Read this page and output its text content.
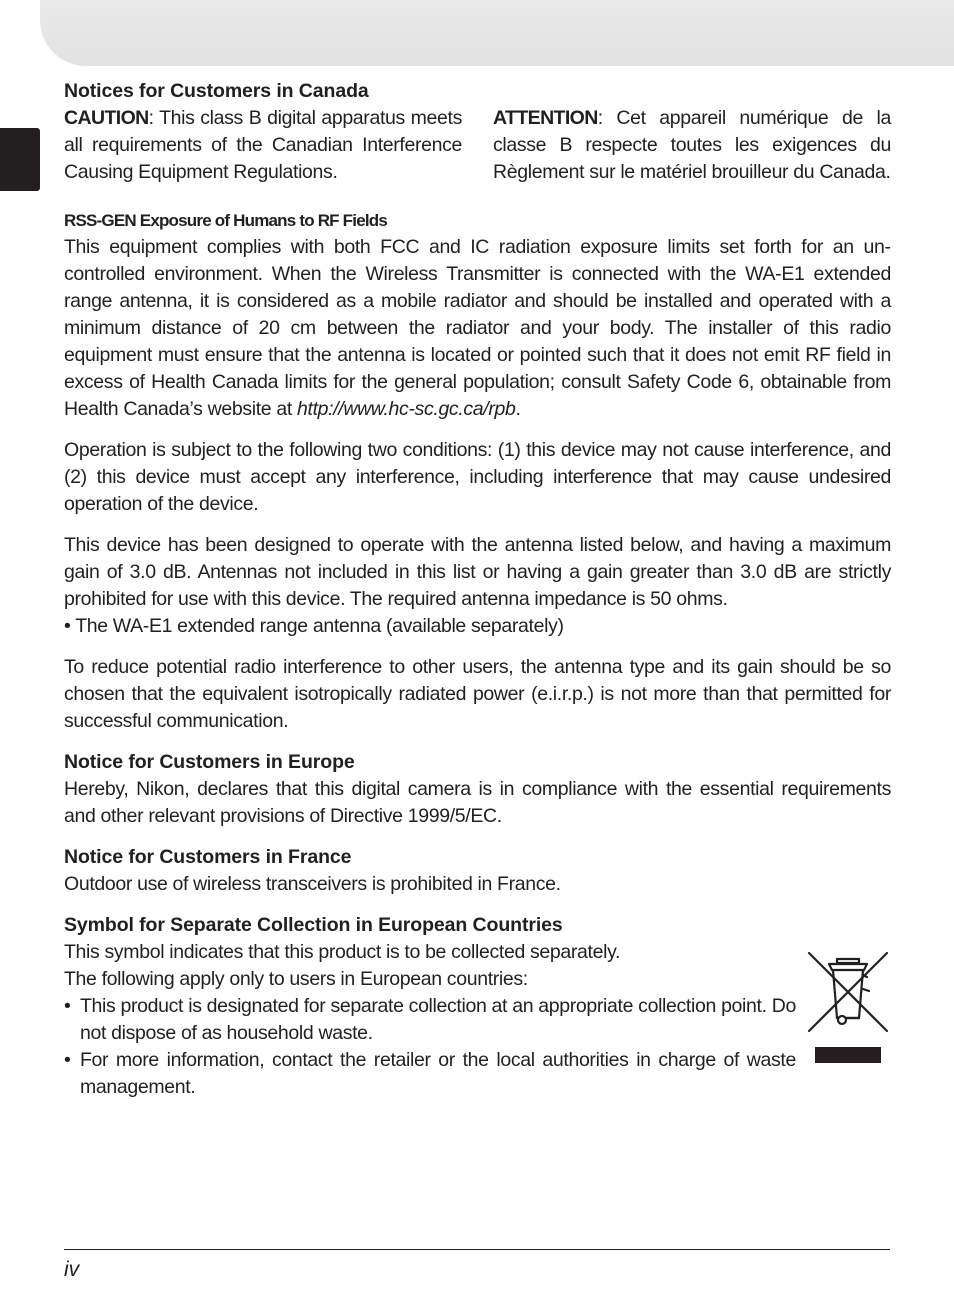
Notices for Customers in Canada

CAUTION: This class B digital apparatus meets all requirements of the Canadian Interference Causing Equipment Regulations.

ATTENTION: Cet appareil numérique de la classe B respecte toutes les exigences du Règlement sur le matériel brouilleur du Canada.

RSS-GEN Exposure of Humans to RF Fields

This equipment complies with both FCC and IC radiation exposure limits set forth for an uncontrolled environment. When the Wireless Transmitter is connected with the WA-E1 extended range antenna, it is considered as a mobile radiator and should be installed and operated with a minimum distance of 20 cm between the radiator and your body. The installer of this radio equipment must ensure that the antenna is located or pointed such that it does not emit RF field in excess of Health Canada limits for the general population; consult Safety Code 6, obtainable from Health Canada’s website at http://www.hc-sc.gc.ca/rpb.

Operation is subject to the following two conditions: (1) this device may not cause interference, and (2) this device must accept any interference, including interference that may cause undesired operation of the device.

This device has been designed to operate with the antenna listed below, and having a maximum gain of 3.0 dB. Antennas not included in this list or having a gain greater than 3.0 dB are strictly prohibited for use with this device. The required antenna impedance is 50 ohms.

• The WA-E1 extended range antenna (available separately)

To reduce potential radio interference to other users, the antenna type and its gain should be so chosen that the equivalent isotropically radiated power (e.i.r.p.) is not more than that permitted for successful communication.

Notice for Customers in Europe

Hereby, Nikon, declares that this digital camera is in compliance with the essential requirements and other relevant provisions of Directive 1999/5/EC.

Notice for Customers in France

Outdoor use of wireless transceivers is prohibited in France.

Symbol for Separate Collection in European Countries

This symbol indicates that this product is to be collected separately.

The following apply only to users in European countries:

• This product is designated for separate collection at an appropriate collection point. Do not dispose of as household waste.

• For more information, contact the retailer or the local authorities in charge of waste management.

iv
